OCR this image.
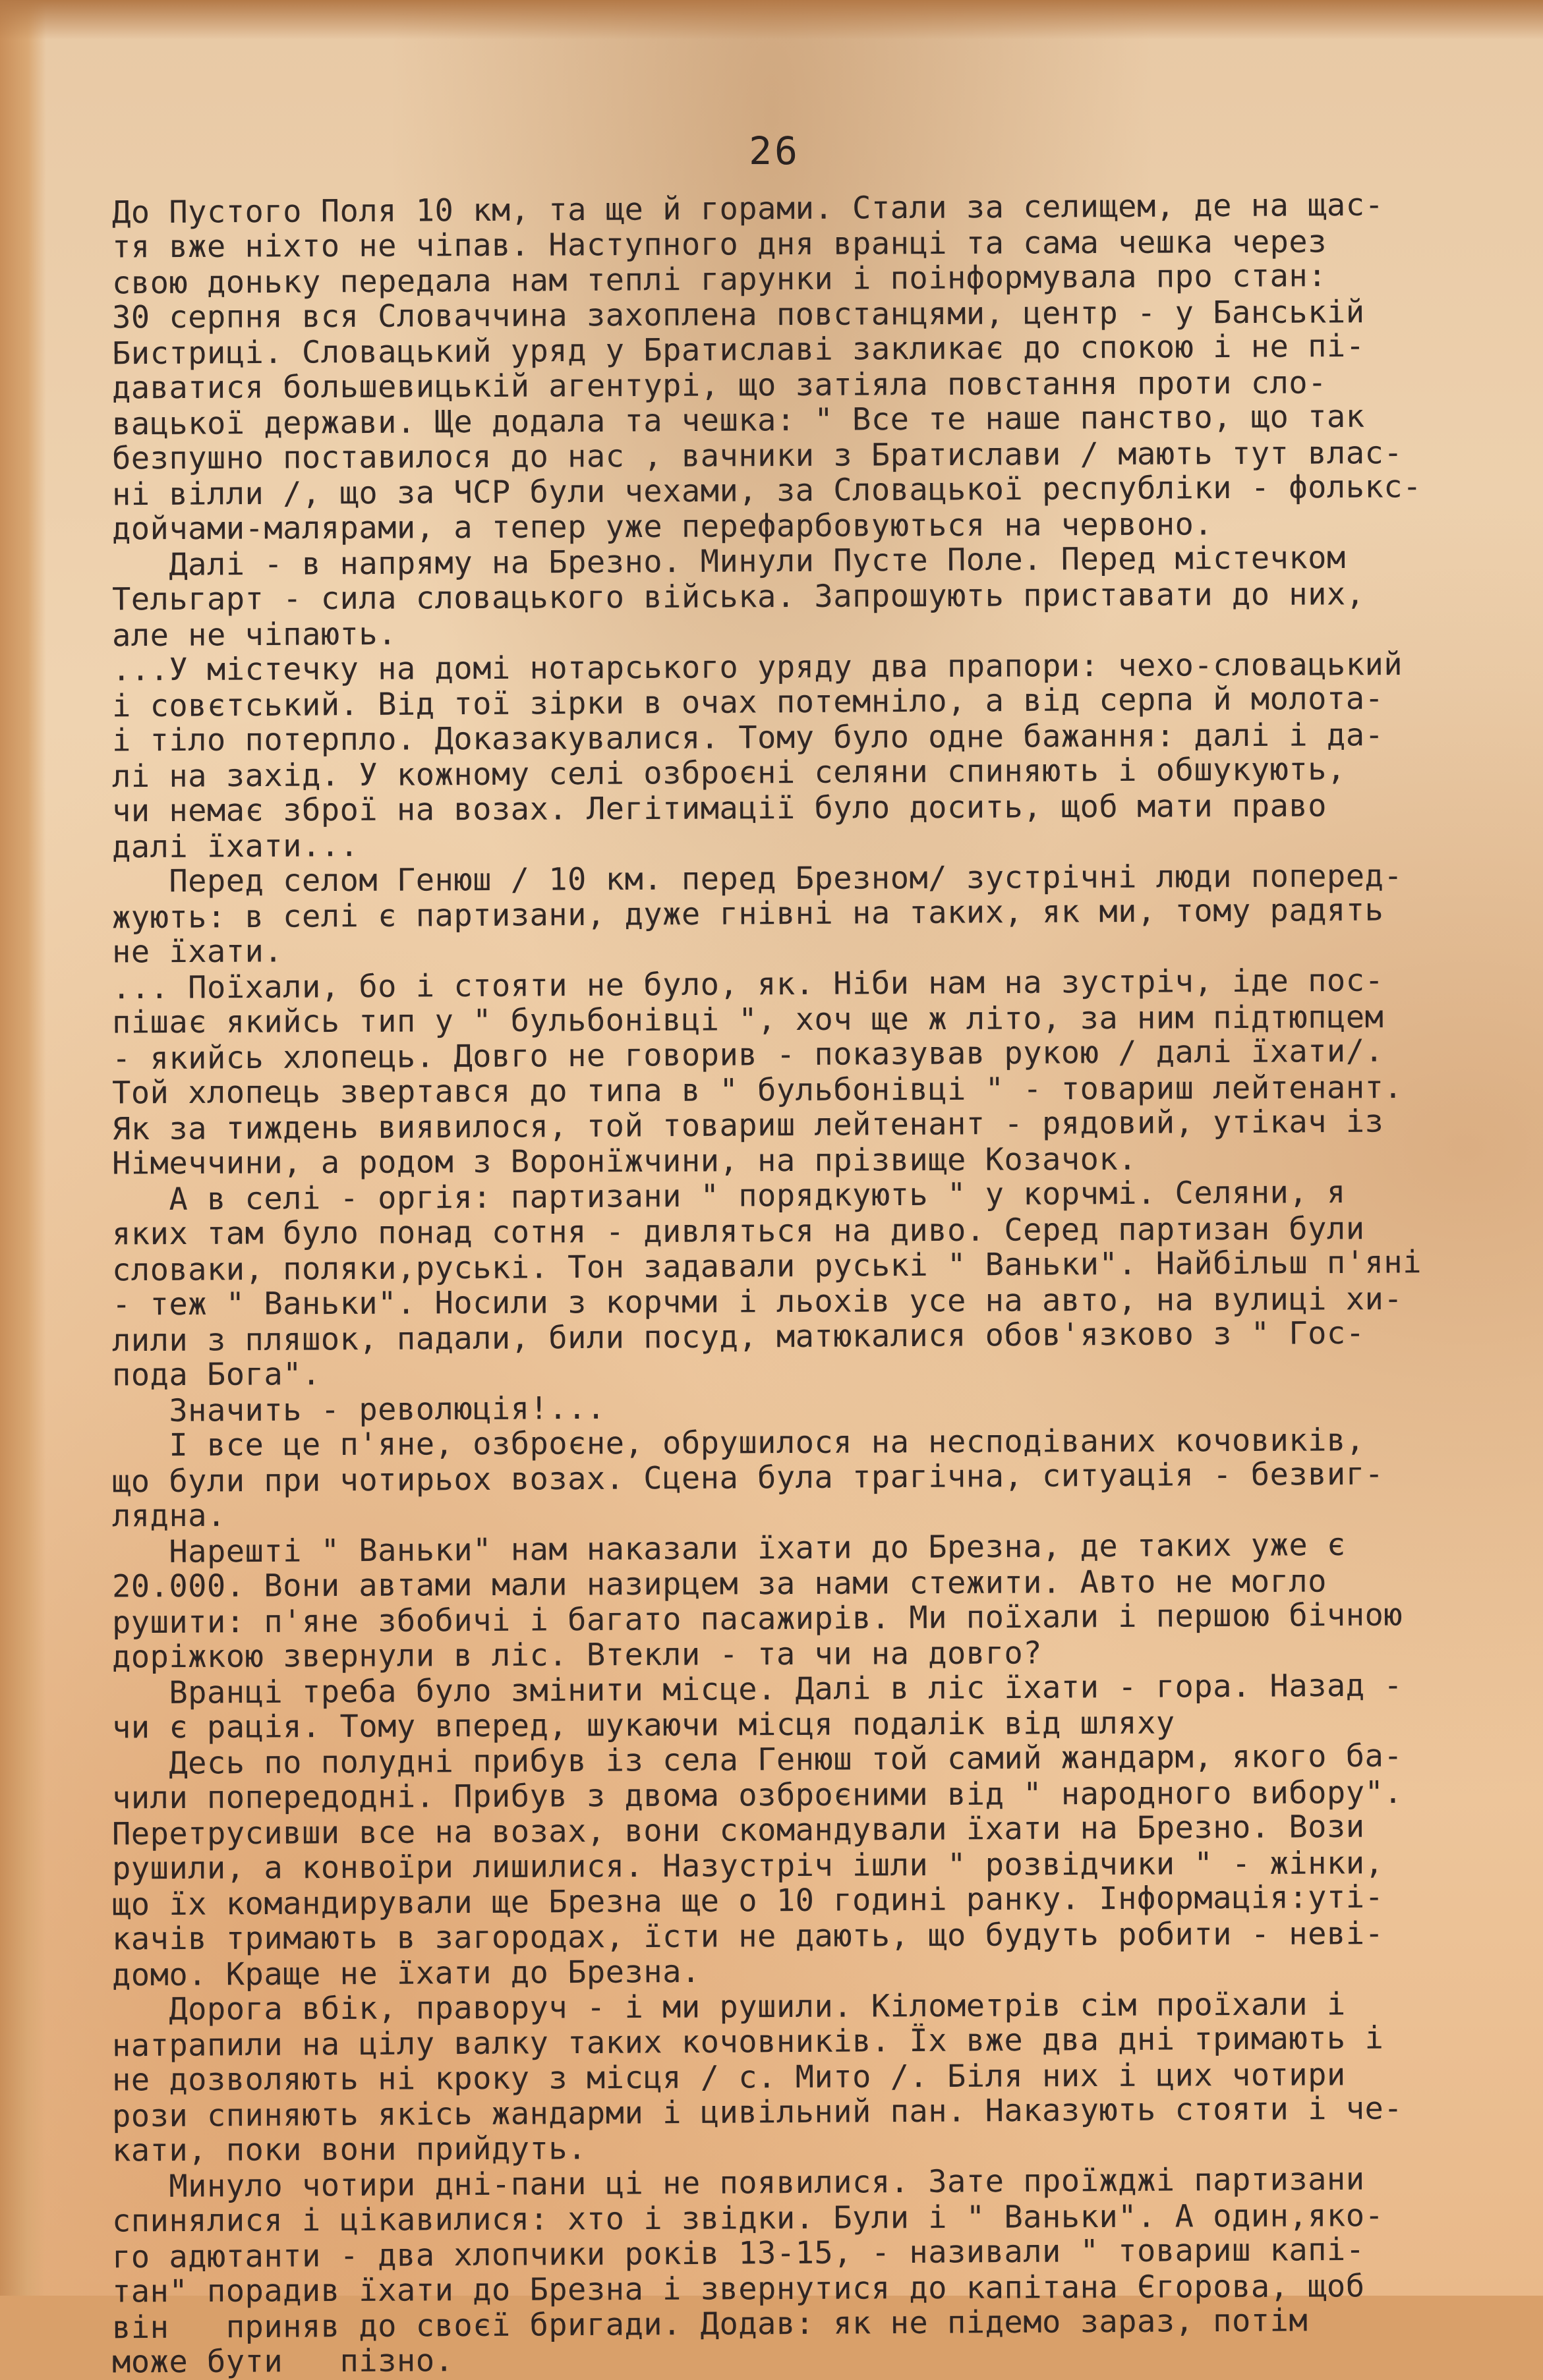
26
До Пустого Поля 10 км, та ще й горами. Стали за селищем, де на щас-
тя вже ніхто не чіпав. Наступного дня вранці та сама чешка через
свою доньку передала нам теплі гарунки і поінформувала про стан:
30 серпня вся Словаччина захоплена повстанцями, центр - у Банській
Бистриці. Словацький уряд у Братиславі закликає до спокою і не пі-
даватися большевицькій агентурі, що затіяла повстання проти сло-
вацької держави. Ще додала та чешка: " Все те наше панство, що так
безпушно поставилося до нас , вачники з Братислави / мають тут влас-
ні вілли /, що за ЧСР були чехами, за Словацької республіки - фолькс-
дойчами-малярами, а тепер уже перефарбовуються на червоно.
Далі - в напряму на Брезно. Минули Пусте Поле. Перед містечком
Тельгарт - сила словацького війська. Запрошують приставати до них,
але не чіпають.
...У містечку на домі нотарського уряду два прапори: чехо-словацький
і совєтський. Від тої зірки в очах потемніло, а від серпа й молота-
і тіло потерпло. Доказакувалися. Тому було одне бажання: далі і да-
лі на захід. У кожному селі озброєні селяни спиняють і обшукують,
чи немає зброї на возах. Легітимації було досить, щоб мати право
далі їхати...
Перед селом Генюш / 10 км. перед Брезном/ зустрічні люди поперед-
жують: в селі є партизани, дуже гнівні на таких, як ми, тому радять
не їхати.
... Поїхали, бо і стояти не було, як. Ніби нам на зустріч, іде пос-
пішає якийсь тип у " бульбонівці ", хоч ще ж літо, за ним підтюпцем
- якийсь хлопець. Довго не говорив - показував рукою / далі їхати/.
Той хлопець звертався до типа в " бульбонівці " - товариш лейтенант.
Як за тиждень виявилося, той товариш лейтенант - рядовий, утікач із
Німеччини, а родом з Воронїжчини, на прізвище Козачок.
А в селі - оргія: партизани " порядкують " у корчмі. Селяни, я
яких там було понад сотня - дивляться на диво. Серед партизан були
словаки, поляки,руські. Тон задавали руські " Ваньки". Найбільш п'яні
- теж " Ваньки". Носили з корчми і льохів усе на авто, на вулиці хи-
лили з пляшок, падали, били посуд, матюкалися обов'язково з " Гос-
пода Бога".
Значить - революція!...
І все це п'яне, озброєне, обрушилося на несподіваних кочовиків,
що були при чотирьох возах. Сцена була трагічна, ситуація - безвиг-
лядна.
Нарешті " Ваньки" нам наказали їхати до Брезна, де таких уже є
20.000. Вони автами мали назирцем за нами стежити. Авто не могло
рушити: п'яне збобичі і багато пасажирів. Ми поїхали і першою бічною
доріжкою звернули в ліс. Втекли - та чи на довго?
Вранці треба було змінити місце. Далі в ліс їхати - гора. Назад -
чи є рація. Тому вперед, шукаючи місця подалік від шляху
Десь по полудні прибув із села Генюш той самий жандарм, якого ба-
чили попередодні. Прибув з двома озброєними від " народного вибору".
Перетрусивши все на возах, вони скомандували їхати на Брезно. Вози
рушили, а конвоїри лишилися. Назустріч ішли " розвідчики " - жінки,
що їх командирували ще Брезна ще о 10 годині ранку. Інформація:уті-
качів тримають в загородах, їсти не дають, що будуть робити - неві-
домо. Краще не їхати до Брезна.
Дорога вбік, праворуч - і ми рушили. Кілометрів сім проїхали і
натрапили на цілу валку таких кочовників. Їх вже два дні тримають і
не дозволяють ні кроку з місця / с. Мито /. Біля них і цих чотири
рози спиняють якісь жандарми і цивільний пан. Наказують стояти і че-
кати, поки вони прийдуть.
Минуло чотири дні-пани ці не появилися. Зате проїжджі партизани
спинялися і цікавилися: хто і звідки. Були і " Ваньки". А один,яко-
го адютанти - два хлопчики років 13-15, - називали " товариш капі-
тан" порадив їхати до Брезна і звернутися до капітана Єгорова, щоб
він   приняв до своєї бригади. Додав: як не підемо зараз, потім
може бути   пізно.
